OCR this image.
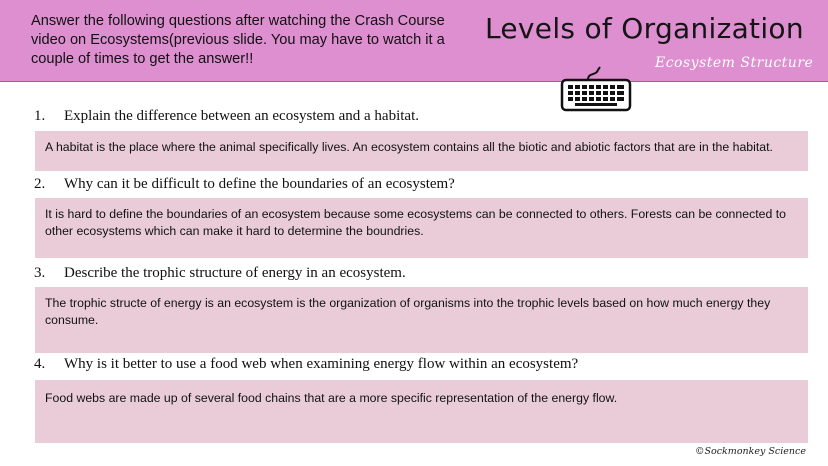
Answer the following questions after watching the Crash Course video on Ecosystems(previous slide. You may have to watch it a couple of times to get the answer!!
Levels of Organization
Ecosystem Structure
1. Explain the difference between an ecosystem and a habitat.
A habitat is the place where the animal specifically lives. An ecosystem contains all the biotic and abiotic factors that are in the habitat.
2. Why can it be difficult to define the boundaries of an ecosystem?
It is hard to define the boundaries of an ecosystem because some ecosystems can be connected to others. Forests can be connected to other ecosystems which can make it hard to determine the boundries.
3. Describe the trophic structure of energy in an ecosystem.
The trophic structe of energy is an ecosystem is the organization of organisms into the trophic levels based on how much energy they consume.
4. Why is it better to use a food web when examining energy flow within an ecosystem?
Food webs are made up of several food chains that are a more specific representation of the energy flow.
©Sockmonkey Science
